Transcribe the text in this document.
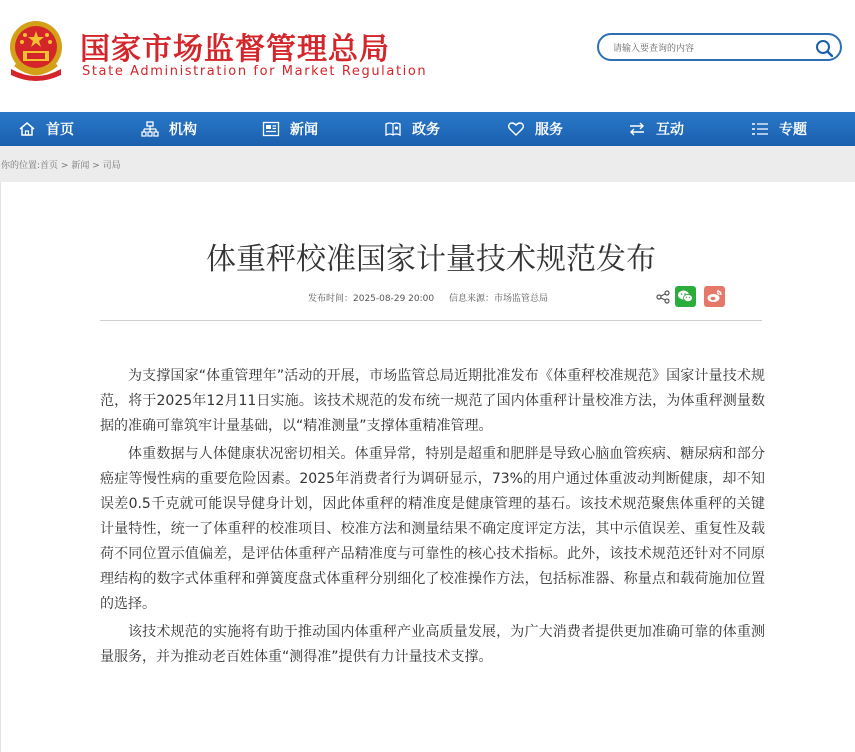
国家市场监督管理总局
State Administration for Market Regulation
请输入要查询的内容
首页	机构	新闻	政务	服务	互动	专题
你的位置:首页 > 新闻 > 司局
体重秤校准国家计量技术规范发布
发布时间：2025-08-29 20:00 信息来源：市场监管总局

为支撑国家“体重管理年”活动的开展，市场监管总局近期批准发布《体重秤校准规范》国家计量技术规范，将于2025年12月11日实施。该技术规范的发布统一规范了国内体重秤计量校准方法，为体重秤测量数据的准确可靠筑牢计量基础，以“精准测量”支撑体重精准管理。

体重数据与人体健康状况密切相关。体重异常，特别是超重和肥胖是导致心脑血管疾病、糖尿病和部分癌症等慢性病的重要危险因素。2025年消费者行为调研显示，73%的用户通过体重波动判断健康，却不知误差0.5千克就可能误导健身计划，因此体重秤的精准度是健康管理的基石。该技术规范聚焦体重秤的关键计量特性，统一了体重秤的校准项目、校准方法和测量结果不确定度评定方法，其中示值误差、重复性及载荷不同位置示值偏差，是评估体重秤产品精准度与可靠性的核心技术指标。此外，该技术规范还针对不同原理结构的数字式体重秤和弹簧度盘式体重秤分别细化了校准操作方法，包括标准器、称量点和载荷施加位置的选择。

该技术规范的实施将有助于推动国内体重秤产业高质量发展，为广大消费者提供更加准确可靠的体重测量服务，并为推动老百姓体重“测得准”提供有力计量技术支撑。
